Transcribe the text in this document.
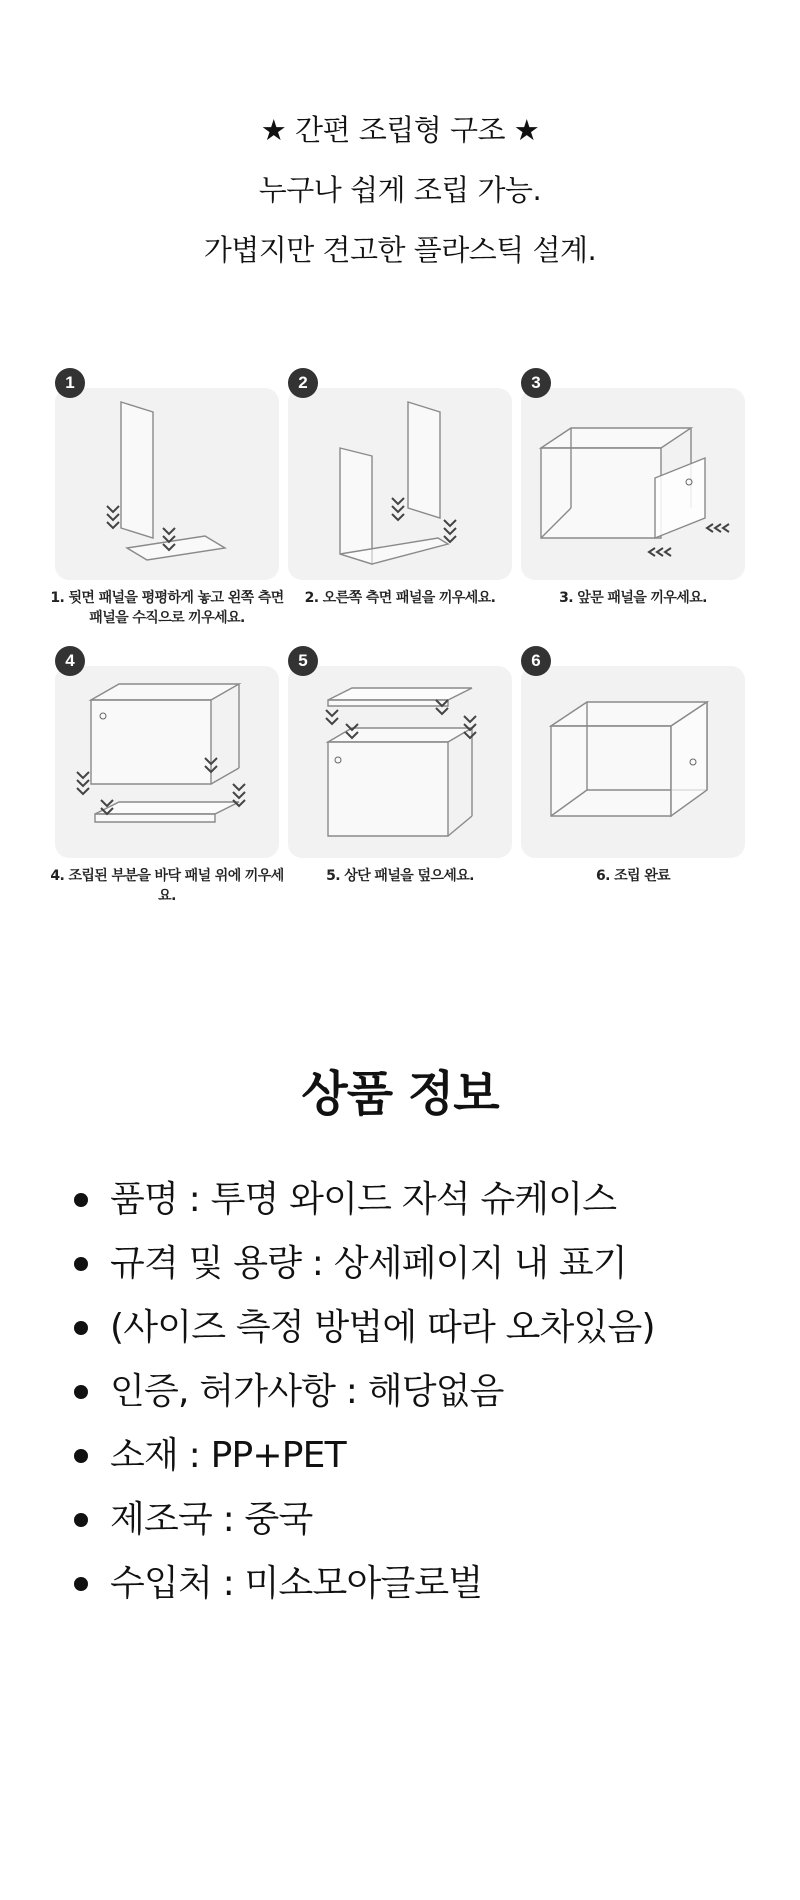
★ 간편 조립형 구조 ★

누구나 쉽게 조립 가능.

가볍지만 견고한 플라스틱 설계.

1
1. 뒷면 패널을 평평하게 놓고 왼쪽 측면 패널을 수직으로 끼우세요.
2
2. 오른쪽 측면 패널을 끼우세요.
3
3. 앞문 패널을 끼우세요.
4
4. 조립된 부분을 바닥 패널 위에 끼우세요.
5
5. 상단 패널을 덮으세요.
6
6. 조립 완료
상품 정보
품명 : 투명 와이드 자석 슈케이스
규격 및 용량 : 상세페이지 내 표기
(사이즈 측정 방법에 따라 오차있음)
인증, 허가사항 : 해당없음
소재 : PP+PET
제조국 : 중국
수입처 : 미소모아글로벌
